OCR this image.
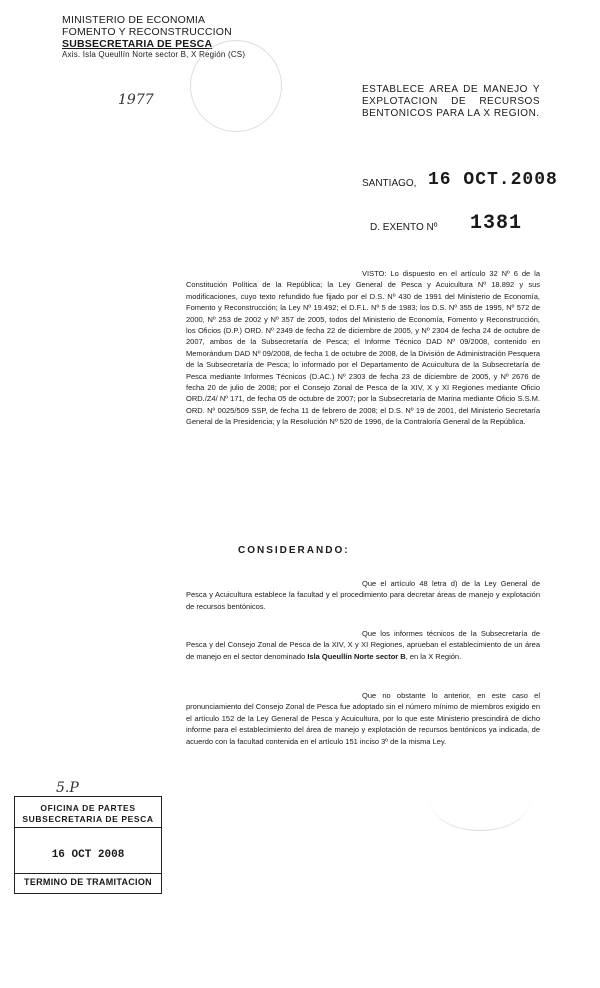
MINISTERIO DE ECONOMIA
FOMENTO Y RECONSTRUCCION
SUBSECRETARIA DE PESCA
Axis. Isla Queullín Norte sector B, X Región (CS)
1977
ESTABLECE AREA DE MANEJO Y EXPLOTACION DE RECURSOS BENTONICOS PARA LA X REGION.
SANTIAGO, 16 OCT.2008
D. EXENTO Nº 1381
VISTO: Lo dispuesto en el artículo 32 Nº 6 de la Constitución Política de la República; la Ley General de Pesca y Acuicultura Nº 18.892 y sus modificaciones, cuyo texto refundido fue fijado por el D.S. Nº 430 de 1991 del Ministerio de Economía, Fomento y Reconstrucción; la Ley Nº 19.492; el D.F.L. Nº 5 de 1983; los D.S. Nº 355 de 1995, Nº 572 de 2000, Nº 253 de 2002 y Nº 357 de 2005, todos del Ministerio de Economía, Fomento y Reconstrucción, los Oficios (D.P.) ORD. Nº 2349 de fecha 22 de diciembre de 2005, y Nº 2304 de fecha 24 de octubre de 2007, ambos de la Subsecretaría de Pesca; el Informe Técnico DAD Nº 09/2008, contenido en Memorándum DAD Nº 09/2008, de fecha 1 de octubre de 2008, de la División de Administración Pesquera de la Subsecretaría de Pesca; lo informado por el Departamento de Acuicultura de la Subsecretaría de Pesca mediante Informes Técnicos (D.AC.) Nº 2303 de fecha 23 de diciembre de 2005, y Nº 2676 de fecha 20 de julio de 2008; por el Consejo Zonal de Pesca de la XIV, X y XI Regiones mediante Oficio ORD./Z4/ Nº 171, de fecha 05 de octubre de 2007; por la Subsecretaría de Marina mediante Oficio S.S.M. ORD. Nº 0025/509 SSP, de fecha 11 de febrero de 2008; el D.S. Nº 19 de 2001, del Ministerio Secretaría General de la Presidencia; y la Resolución Nº 520 de 1996, de la Contraloría General de la República.
CONSIDERANDO:
Que el artículo 48 letra d) de la Ley General de Pesca y Acuicultura establece la facultad y el procedimiento para decretar áreas de manejo y explotación de recursos bentónicos.
Que los informes técnicos de la Subsecretaría de Pesca y del Consejo Zonal de Pesca de la XIV, X y XI Regiones, aprueban el establecimiento de un área de manejo en el sector denominado Isla Queullín Norte sector B, en la X Región.
Que no obstante lo anterior, en este caso el pronunciamiento del Consejo Zonal de Pesca fue adoptado sin el número mínimo de miembros exigido en el artículo 152 de la Ley General de Pesca y Acuicultura, por lo que este Ministerio prescindirá de dicho informe para el establecimiento del área de manejo y explotación de recursos bentónicos ya indicada, de acuerdo con la facultad contenida en el artículo 151 inciso 3º de la misma Ley.
5.P
OFICINA DE PARTES
SUBSECRETARIA DE PESCA
16 OCT 2008
TERMINO DE TRAMITACION
